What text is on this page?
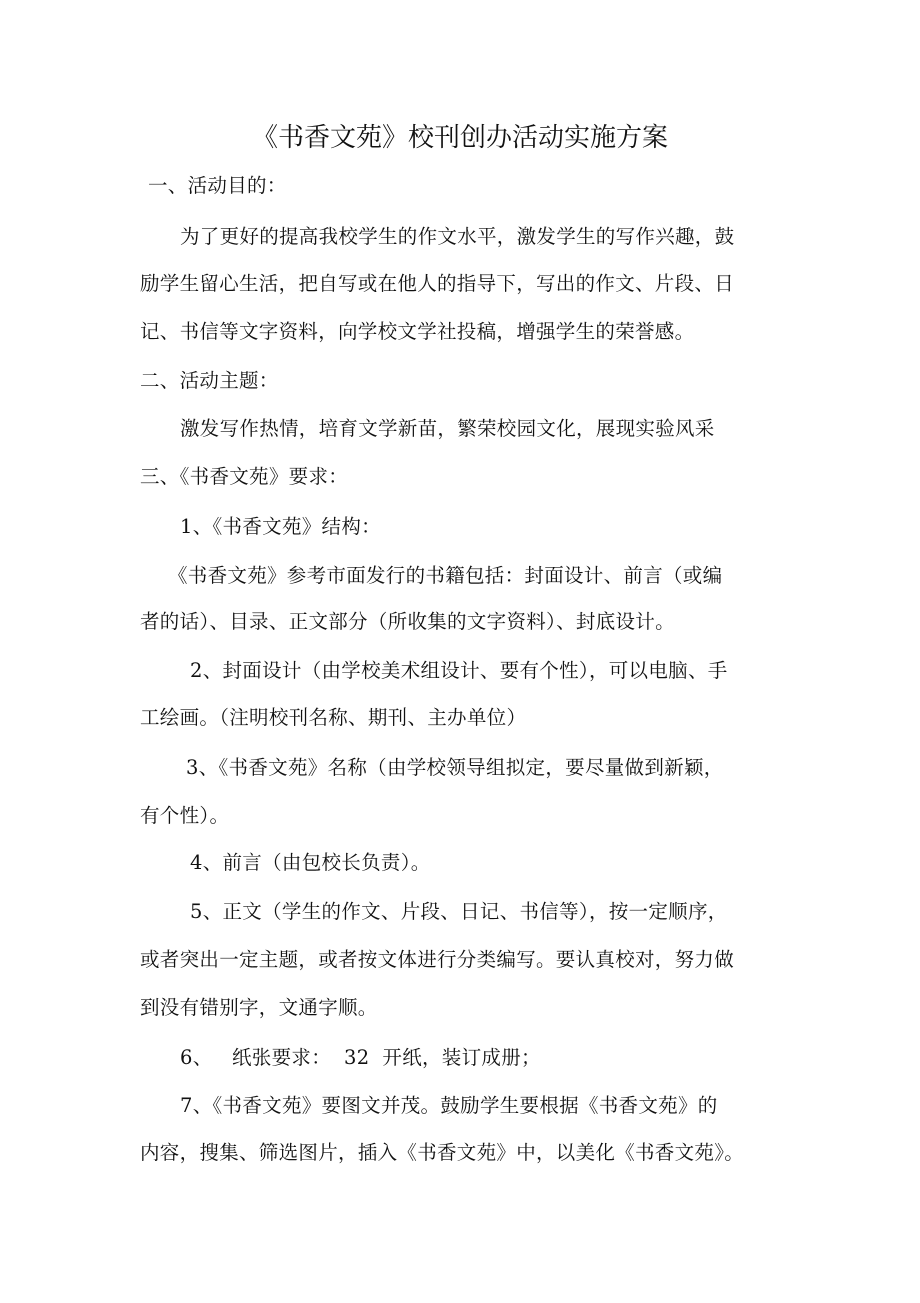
《书香文苑》校刊创办活动实施方案
一、活动目的：
为了更好的提高我校学生的作文水平，激发学生的写作兴趣，鼓
励学生留心生活，把自写或在他人的指导下，写出的作文、片段、日
记、书信等文字资料，向学校文学社投稿，增强学生的荣誉感。
二、活动主题：
激发写作热情，培育文学新苗，繁荣校园文化，展现实验风采
三、《书香文苑》要求：
1、《书香文苑》结构：
《书香文苑》参考市面发行的书籍包括：封面设计、前言（或编
者的话）、目录、正文部分（所收集的文字资料）、封底设计。
2、封面设计（由学校美术组设计、要有个性），可以电脑、手
工绘画。（注明校刊名称、期刊、主办单位）
3、《书香文苑》名称（由学校领导组拟定，要尽量做到新颖，
有个性）。
4、前言（由包校长负责）。
5、正文（学生的作文、片段、日记、书信等），按一定顺序，
或者突出一定主题，或者按文体进行分类编写。要认真校对，努力做
到没有错别字，文通字顺。
6、   纸张要求：  32  开纸，装订成册；
7、《书香文苑》要图文并茂。鼓励学生要根据《书香文苑》的
内容，搜集、筛选图片，插入《书香文苑》中，以美化《书香文苑》。
